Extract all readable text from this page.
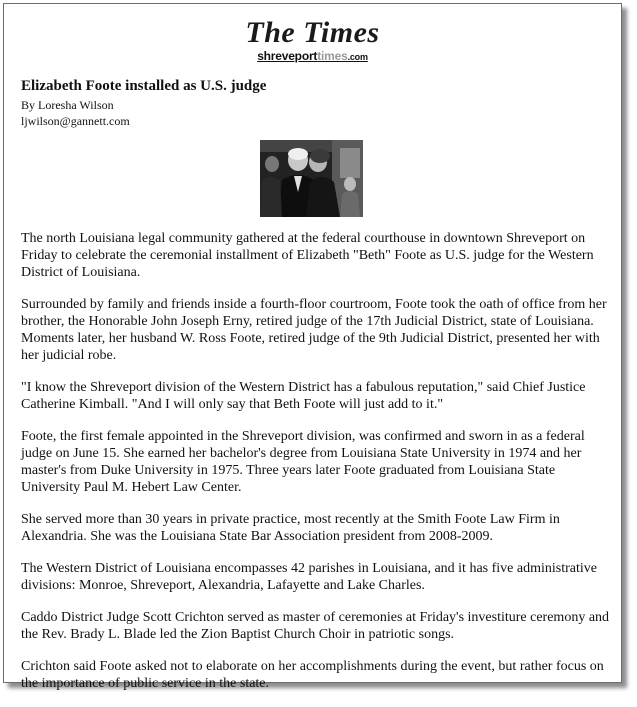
The Times
shreveporttimes.com
Elizabeth Foote installed as U.S. judge
By Loresha Wilson
ljwilson@gannett.com

The north Louisiana legal community gathered at the federal courthouse in downtown Shreveport on Friday to celebrate the ceremonial installment of Elizabeth "Beth" Foote as U.S. judge for the Western District of Louisiana.

Surrounded by family and friends inside a fourth-floor courtroom, Foote took the oath of office from her brother, the Honorable John Joseph Erny, retired judge of the 17th Judicial District, state of Louisiana. Moments later, her husband W. Ross Foote, retired judge of the 9th Judicial District, presented her with her judicial robe.

"I know the Shreveport division of the Western District has a fabulous reputation," said Chief Justice Catherine Kimball. "And I will only say that Beth Foote will just add to it."

Foote, the first female appointed in the Shreveport division, was confirmed and sworn in as a federal judge on June 15. She earned her bachelor's degree from Louisiana State University in 1974 and her master's from Duke University in 1975. Three years later Foote graduated from Louisiana State University Paul M. Hebert Law Center.

She served more than 30 years in private practice, most recently at the Smith Foote Law Firm in Alexandria. She was the Louisiana State Bar Association president from 2008-2009.

The Western District of Louisiana encompasses 42 parishes in Louisiana, and it has five administrative divisions: Monroe, Shreveport, Alexandria, Lafayette and Lake Charles.

Caddo District Judge Scott Crichton served as master of ceremonies at Friday's investiture ceremony and the Rev. Brady L. Blade led the Zion Baptist Church Choir in patriotic songs.

Crichton said Foote asked not to elaborate on her accomplishments during the event, but rather focus on the importance of public service in the state.
